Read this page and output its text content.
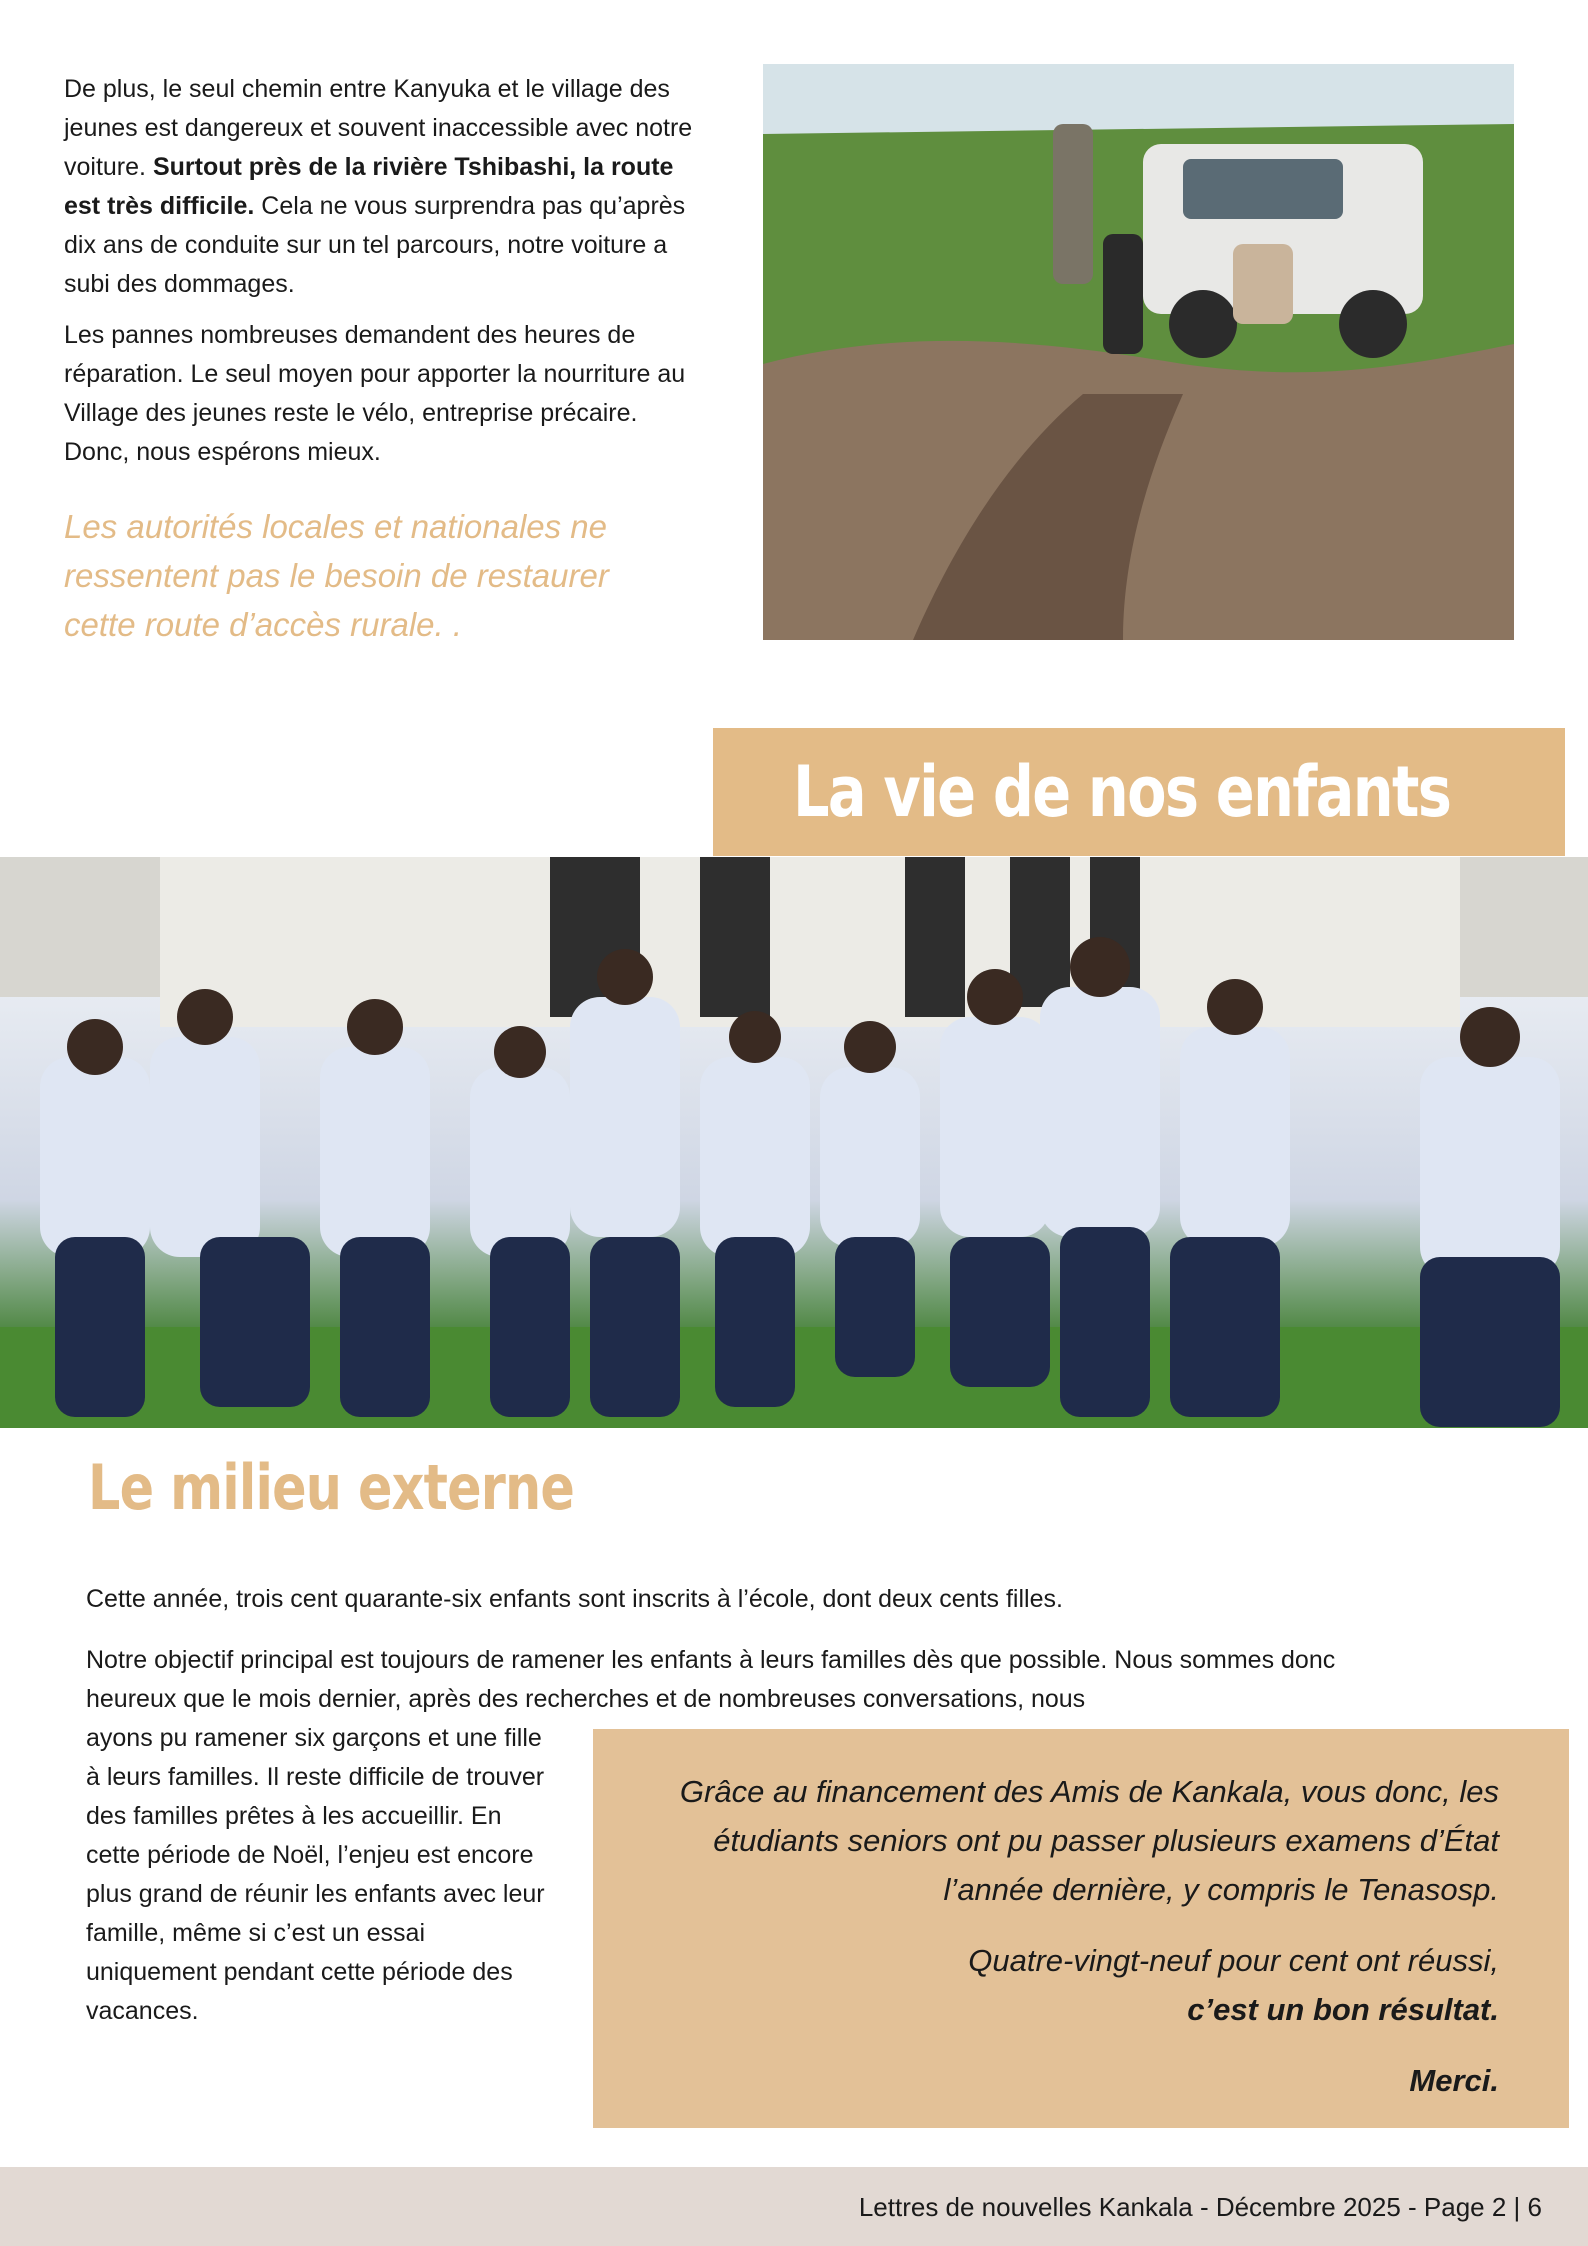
De plus, le seul chemin entre Kanyuka et le village des jeunes est dangereux et souvent inaccessible avec notre voiture. Surtout près de la rivière Tshibashi, la route est très difficile. Cela ne vous surprendra pas qu’après dix ans de conduite sur un tel parcours, notre voiture a subi des dommages.

Les pannes nombreuses demandent des heures de réparation. Le seul moyen pour apporter la nourriture au Village des jeunes reste le vélo, entreprise précaire. Donc, nous espérons mieux.

Les autorités locales et nationales ne ressentent pas le besoin de restaurer cette route d’accès rurale. .
La vie de nos enfants
Le milieu externe

Cette année, trois cent quarante-six enfants sont inscrits à l’école, dont deux cents filles.

Notre objectif principal est toujours de ramener les enfants à leurs familles dès que possible. Nous sommes donc heureux que le mois dernier, après des recherches et de nombreuses conversations, nous

ayons pu ramener six garçons et une fille à leurs familles. Il reste difficile de trouver des familles prêtes à les accueillir. En cette période de Noël, l’enjeu est encore plus grand de réunir les enfants avec leur famille, même si c’est un essai uniquement pendant cette période des vacances.

Grâce au financement des Amis de Kankala, vous donc, les étudiants seniors ont pu passer plusieurs examens d’État l’année dernière, y compris le Tenasosp.

Quatre-vingt-neuf pour cent ont réussi,

c’est un bon résultat.

Merci.

Lettres de nouvelles Kankala - Décembre 2025 - Page 2 | 6
